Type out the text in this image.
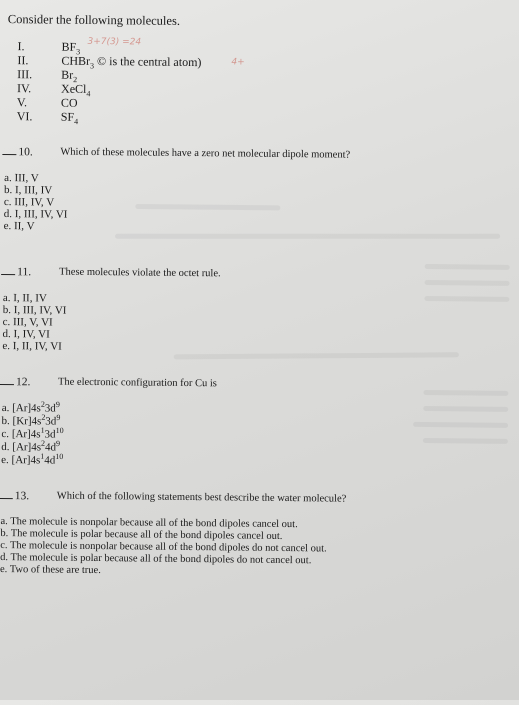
Consider the following molecules.
I.	$BF_3$
3+7(3) =24
II.	CHBr$_3$ © is the central atom)	4+
III.	$Br_2$
IV.	XeCl$_4$
V.	CO
VI.	$SF_4$
10.	Which of these molecules have a zero net molecular dipole moment?
a. III, V
b. I, III, IV
c. III, IV, V
d. I, III, IV, VI
e. II, V
11.	These molecules violate the octet rule.
a. I, II, IV
b. I, III, IV, VI
c. III, V, VI
d. I, IV, VI
e. I, II, IV, VI
12.	The electronic configuration for Cu is
a. $[Ar]4s^23d^9$
b. $[Kr]4s^23d^9$
c. $[Ar]4s^13d^{10}$
d. $[Ar]4s^24d^9$
e. $[Ar]4s^14d^{10}$
13.	Which of the following statements best describe the water molecule?
a. The molecule is nonpolar because all of the bond dipoles cancel out.
b. The molecule is polar because all of the bond dipoles cancel out.
c. The molecule is nonpolar because all of the bond dipoles do not cancel out.
d. The molecule is polar because all of the bond dipoles do not cancel out.
e. Two of these are true.
